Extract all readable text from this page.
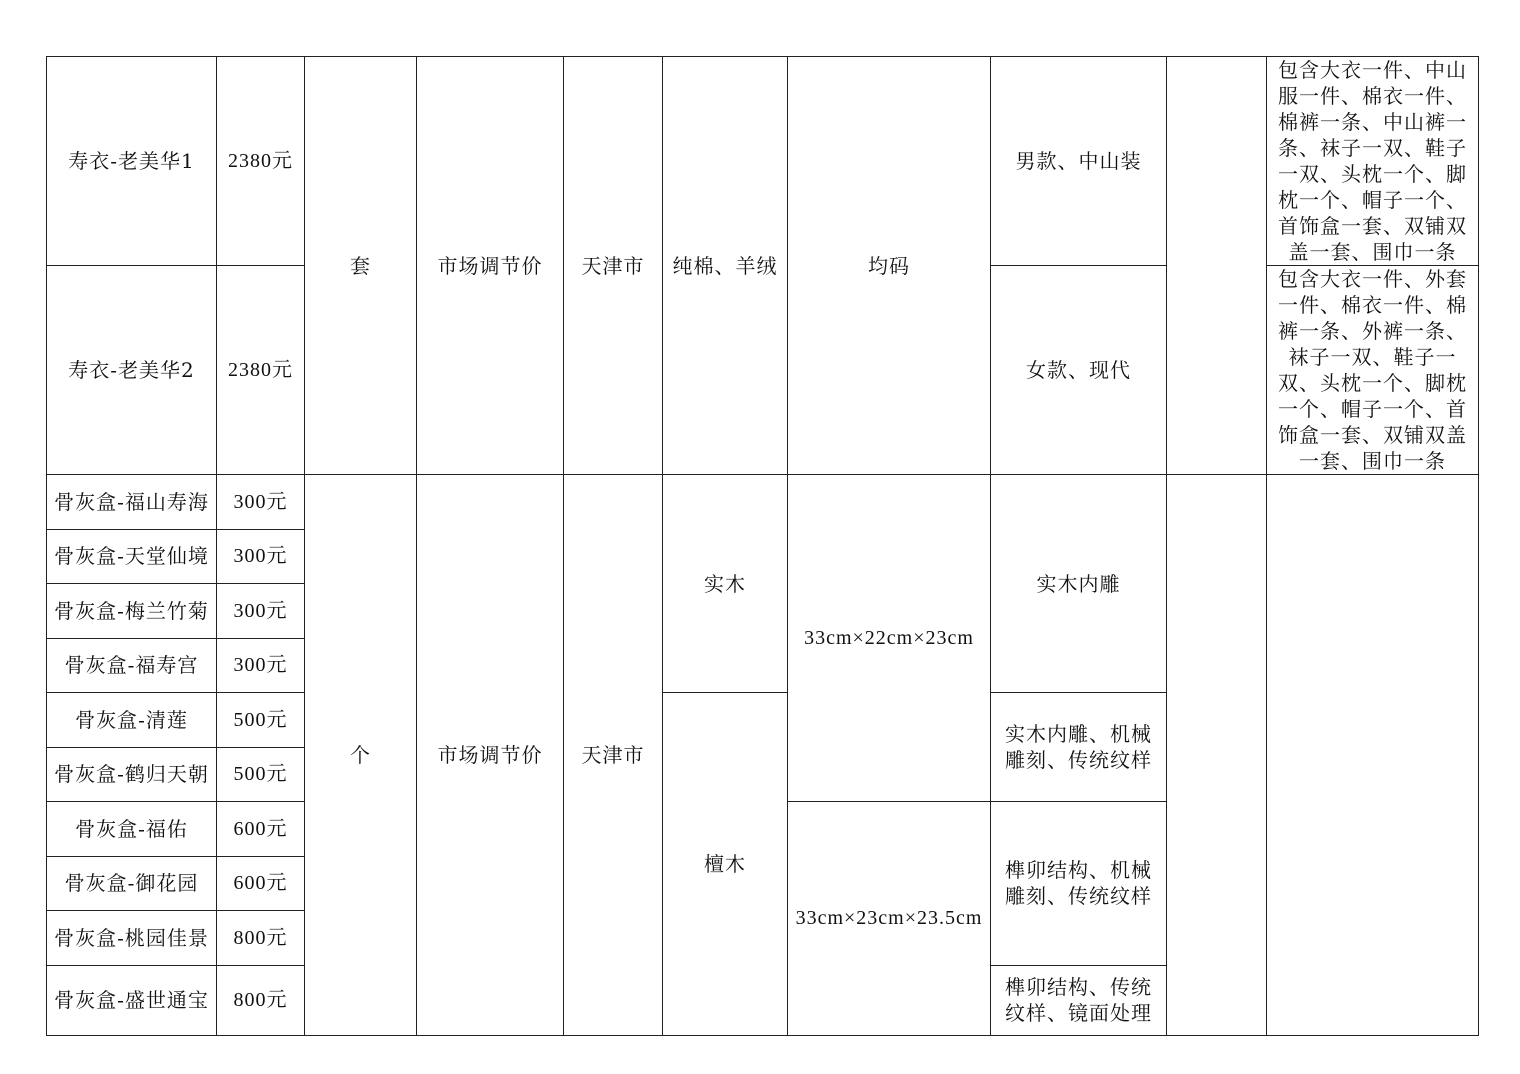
寿衣-老美华1	2380元	套	市场调节价	天津市	纯棉、羊绒	均码	男款、中山装		包含大衣一件、中山服一件、棉衣一件、棉裤一条、中山裤一条、袜子一双、鞋子一双、头枕一个、脚枕一个、帽子一个、首饰盒一套、双铺双盖一套、围巾一条
寿衣-老美华2	2380元						女款、现代		包含大衣一件、外套一件、棉衣一件、棉裤一条、外裤一条、袜子一双、鞋子一双、头枕一个、脚枕一个、帽子一个、首饰盒一套、双铺双盖一套、围巾一条
骨灰盒-福山寿海	300元	个	市场调节价	天津市	实木	33cm×22cm×23cm	实木内雕		
骨灰盒-天堂仙境	300元								
骨灰盒-梅兰竹菊	300元								
骨灰盒-福寿宫	300元								
骨灰盒-清莲	500元				檀木		实木内雕、机械雕刻、传统纹样		
骨灰盒-鹤归天朝	500元								
骨灰盒-福佑	600元					33cm×23cm×23.5cm	榫卯结构、机械雕刻、传统纹样		
骨灰盒-御花园	600元								
骨灰盒-桃园佳景	800元								
骨灰盒-盛世通宝	800元						榫卯结构、传统纹样、镜面处理		
